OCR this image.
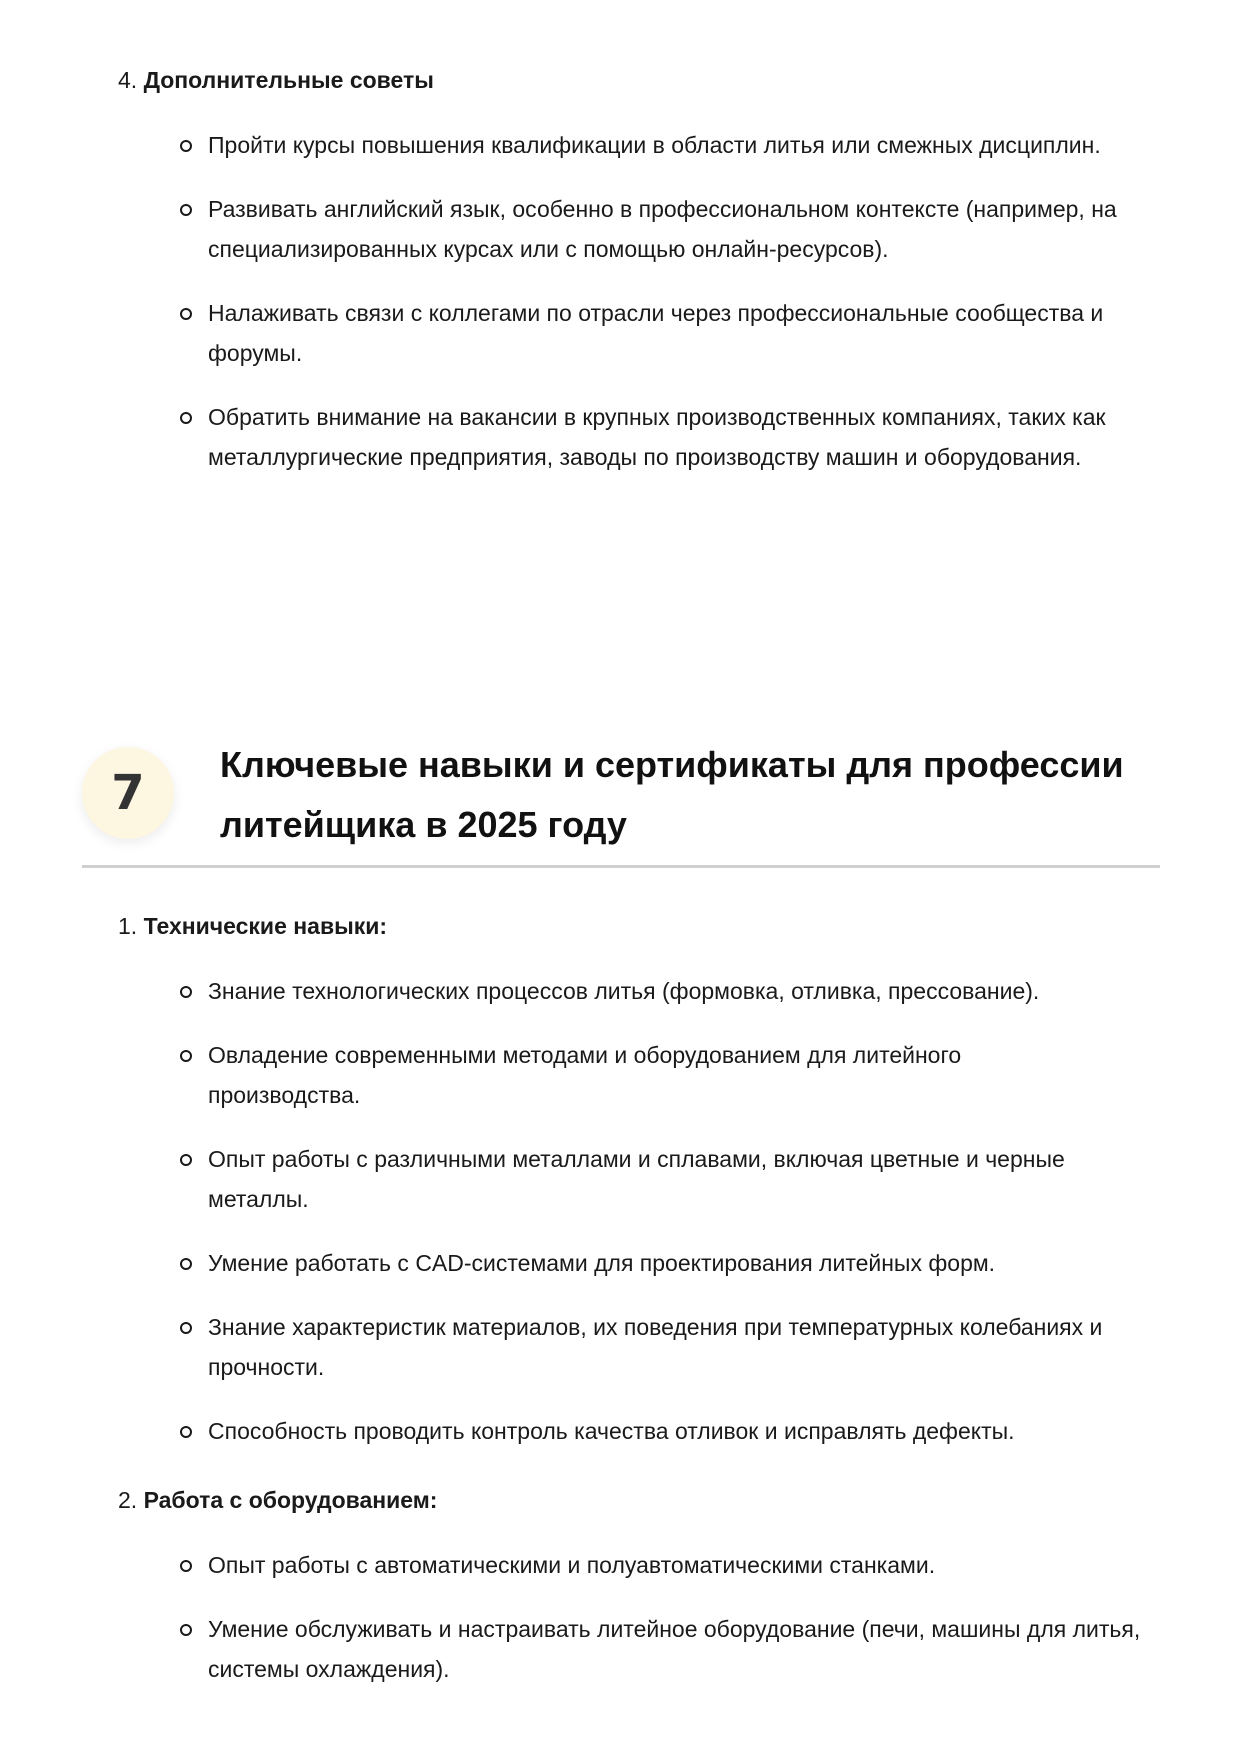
4. Дополнительные советы
Пройти курсы повышения квалификации в области литья или смежных дисциплин.
Развивать английский язык, особенно в профессиональном контексте (например, на специализированных курсах или с помощью онлайн-ресурсов).
Налаживать связи с коллегами по отрасли через профессиональные сообщества и форумы.
Обратить внимание на вакансии в крупных производственных компаниях, таких как металлургические предприятия, заводы по производству машин и оборудования.
7
Ключевые навыки и сертификаты для профессии литейщика в 2025 году
1. Технические навыки:
Знание технологических процессов литья (формовка, отливка, прессование).
Овладение современными методами и оборудованием для литейного производства.
Опыт работы с различными металлами и сплавами, включая цветные и черные металлы.
Умение работать с CAD-системами для проектирования литейных форм.
Знание характеристик материалов, их поведения при температурных колебаниях и прочности.
Способность проводить контроль качества отливок и исправлять дефекты.
2. Работа с оборудованием:
Опыт работы с автоматическими и полуавтоматическими станками.
Умение обслуживать и настраивать литейное оборудование (печи, машины для литья, системы охлаждения).
